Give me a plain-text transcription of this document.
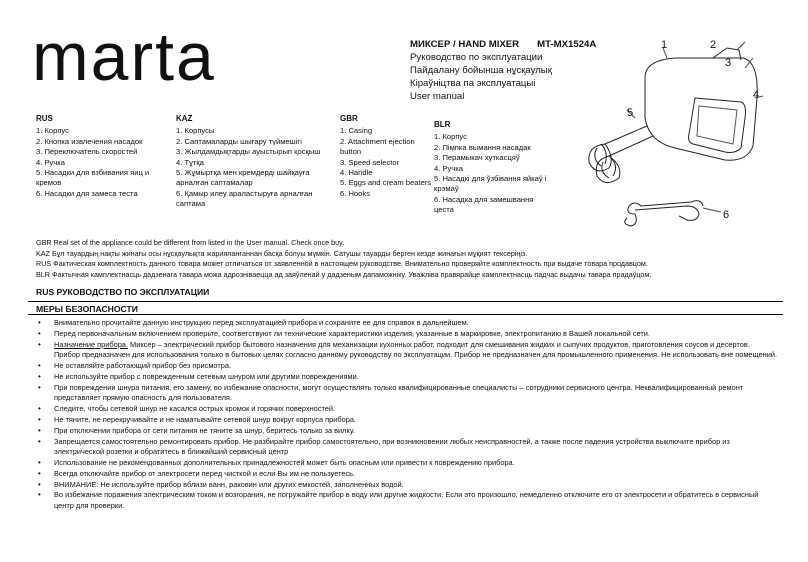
marta	МИКСЕР / HAND MIXER MT-MX1524A
Руководство по эксплуатации
Пайдалану бойынша нұсқаулық
Кіраўніцтва па эксплуатацыі
User manual
1	2
3
4
5
6
RUS
1. Корпус
2. Кнопка извлечения насадок
3. Переключатель скоростей
4. Ручка
5. Насадки для взбивания яиц и кремов
6. Насадки для замеса теста
KAZ
1. Корпусы
2. Саптамаларды шығару түймешігі
3. Жылдамдықтарды ауыстырып қосқыш
4. Тұтқа
5. Жұмыртқа мен кремдерді шайқауға арналған саптамалар
6. Қамыр илеу араластыруға арналған саптама
GBR
1. Casing
2. Attachment ejection button
3. Speed selector
4. Handle
5. Eggs and cream beaters
6. Hooks
BLR
1. Корпус
2. Пімпка вымання насадак
3. Перамыкач хуткасцяў
4. Ручка
5. Насадкі для ўзбівання яйкаў і крэмаў
6. Насадка для замешвання цеста
GBR Real set of the appliance could be different from listed in the User manual. Check once buy.
KAZ Бұл тауардың нақты жинағы осы нұсқаулықта жарияланғаннан басқа болуы мүмкін. Сатушы тауарды берген кезде жинағын мұқият тексеріңіз.
RUS Фактическая комплектность данного товара может отличаться от заявленной в настоящем руководстве. Внимательно проверяйте комплектность при выдаче товара продавцом.
BLR Фактычная камплектнасць дадзенага тавара можа адрозніваецца ад заяўленай у дадзеным дапаможніку. Уважліва правярайце камплектнасць падчас выдачы тавара прадаўцом.
RUS РУКОВОДСТВО ПО ЭКСПЛУАТАЦИИ
МЕРЫ БЕЗОПАСНОСТИ
• Внимательно прочитайте данную инструкцию перед эксплуатацией прибора и сохраните ее для справок в дальнейшем.
• Перед первоначальным включением проверьте, соответствуют ли технические характеристики изделия, указанные в маркировке, электропитанию в Вашей локальной сети.
• Назначение прибора. Миксер – электрический прибор бытового назначения для механизации кухонных работ, подходит для смешивания жидких и сыпучих продуктов, приготовления соусов и десертов.
Прибор предназначен для использования только в бытовых целях согласно данному руководству по эксплуатации. Прибор не предназначен для промышленного применения. Не использовать вне помещений.
• Не оставляйте работающий прибор без присмотра.
• Не используйте прибор с поврежденным сетевым шнуром или другими повреждениями.
• При повреждении шнура питания, его замену, во избежание опасности, могут осуществлять только квалифицированные специалисты – сотрудники сервисного центра. Неквалифицированный ремонт представляет прямую опасность для пользователя.
• Следите, чтобы сетевой шнур не касался острых кромок и горячих поверхностей.
• Не тяните, не перекручивайте и не наматывайте сетевой шнур вокруг корпуса прибора.
• При отключении прибора от сети питания не тяните за шнур, беритесь только за вилку.
• Запрещается самостоятельно ремонтировать прибор. Не разбирайте прибор самостоятельно, при возникновении любых неисправностей, а также после падения устройства выключите прибор из электрической розетки и обратитесь в ближайший сервисный центр
• Использование не рекомендованных дополнительных принадлежностей может быть опасным или привести к повреждению прибора.
• Всегда отключайте прибор от электросети перед чисткой и если Вы им не пользуетесь.
• ВНИМАНИЕ: Не используйте прибор вблизи ванн, раковин или других емкостей, заполненных водой.
• Во избежание поражения электрическим током и возгорания, не погружайте прибор в воду или другие жидкости. Если это произошло, немедленно отключите его от электросети и обратитесь в сервисный центр для проверки.
